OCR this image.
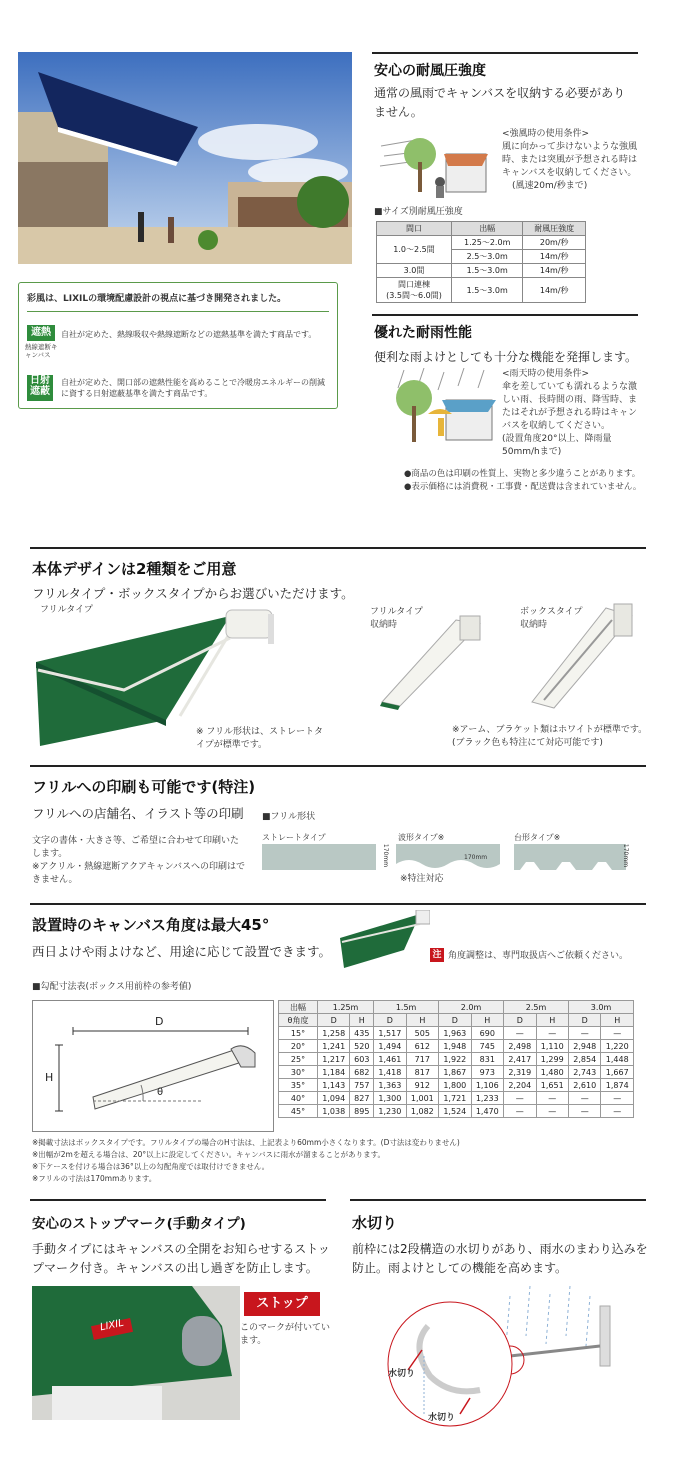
彩風は、LIXILの環境配慮設計の視点に基づき開発されました。
遮熱
熱線遮断キャンバス
自社が定めた、熱線吸収や熱線遮断などの遮熱基準を満たす商品です。
日射遮蔽
自社が定めた、開口部の遮熱性能を高めることで冷暖房エネルギーの削減に資する日射遮蔽基準を満たす商品です。
安心の耐風圧強度
通常の風雨でキャンバスを収納する必要がありません。
<強風時の使用条件>
風に向かって歩けないような強風時、または突風が予想される時はキャンバスを収納してください。
(風速20m/秒まで)
■サイズ別耐風圧強度
間口	出幅	耐風圧強度
1.0〜2.5間	1.25〜2.0m	20m/秒
	2.5〜3.0m	14m/秒
3.0間	1.5〜3.0m	14m/秒

間口連棟
(3.5間〜6.0間)	1.5〜3.0m	14m/秒
優れた耐雨性能
便利な雨よけとしても十分な機能を発揮します。
<雨天時の使用条件>
傘を差していても濡れるような激しい雨、長時間の雨、降雪時、またはそれが予想される時はキャンバスを収納してください。
(設置角度20°以上、降雨量50mm/hまで)
●商品の色は印刷の性質上、実物と多少違うことがあります。
●表示価格には消費税・工事費・配送費は含まれていません。
本体デザインは2種類をご用意
フリルタイプ・ボックスタイプからお選びいただけます。
フリルタイプ
※ フリル形状は、ストレートタイプが標準です。
フリルタイプ
収納時
ボックスタイプ
収納時
※アーム、ブラケット類はホワイトが標準です。
(ブラック色も特注にて対応可能です)
フリルへの印刷も可能です(特注)
フリルへの店舗名、イラスト等の印刷
文字の書体・大きさ等、ご希望に合わせて印刷いたします。
※アクリル・熱線遮断アクアキャンバスへの印刷はできません。
■フリル形状
ストレートタイプ	波形タイプ※	台形タイプ※
170mm	170mm	170mm
※特注対応
設置時のキャンバス角度は最大45°
西日よけや雨よけなど、用途に応じて設置できます。	注 角度調整は、専門取扱店へご依頼ください。
■勾配寸法表(ボックス用前枠の参考値)
D
H
θ
出幅	1.25m		1.5m		2.0m		2.5m		3.0m	
θ角度	D	H	D	H	D	H	D	H	D	H
15°	1,258	435	1,517	505	1,963	690	—	—	—	—
20°	1,241	520	1,494	612	1,948	745	2,498	1,110	2,948	1,220
25°	1,217	603	1,461	717	1,922	831	2,417	1,299	2,854	1,448
30°	1,184	682	1,418	817	1,867	973	2,319	1,480	2,743	1,667
35°	1,143	757	1,363	912	1,800	1,106	2,204	1,651	2,610	1,874
40°	1,094	827	1,300	1,001	1,721	1,233	—	—	—	—
45°	1,038	895	1,230	1,082	1,524	1,470	—	—	—	—
※掲載寸法はボックスタイプです。フリルタイプの場合のH寸法は、上記表より60mm小さくなります。(D寸法は変わりません)
※出幅が2mを超える場合は、20°以上に設定してください。キャンバスに雨水が溜まることがあります。
※下ケースを付ける場合は36°以上の勾配角度では取付けできません。
※フリルの寸法は170mmあります。
安心のストップマーク(手動タイプ)
手動タイプにはキャンバスの全開をお知らせするストップマーク付き。キャンバスの出し過ぎを防止します。
LIXIL
ストップ
このマークが付いています。
水切り
前枠には2段構造の水切りがあり、雨水のまわり込みを防止。雨よけとしての機能を高めます。
水切り
水切り
